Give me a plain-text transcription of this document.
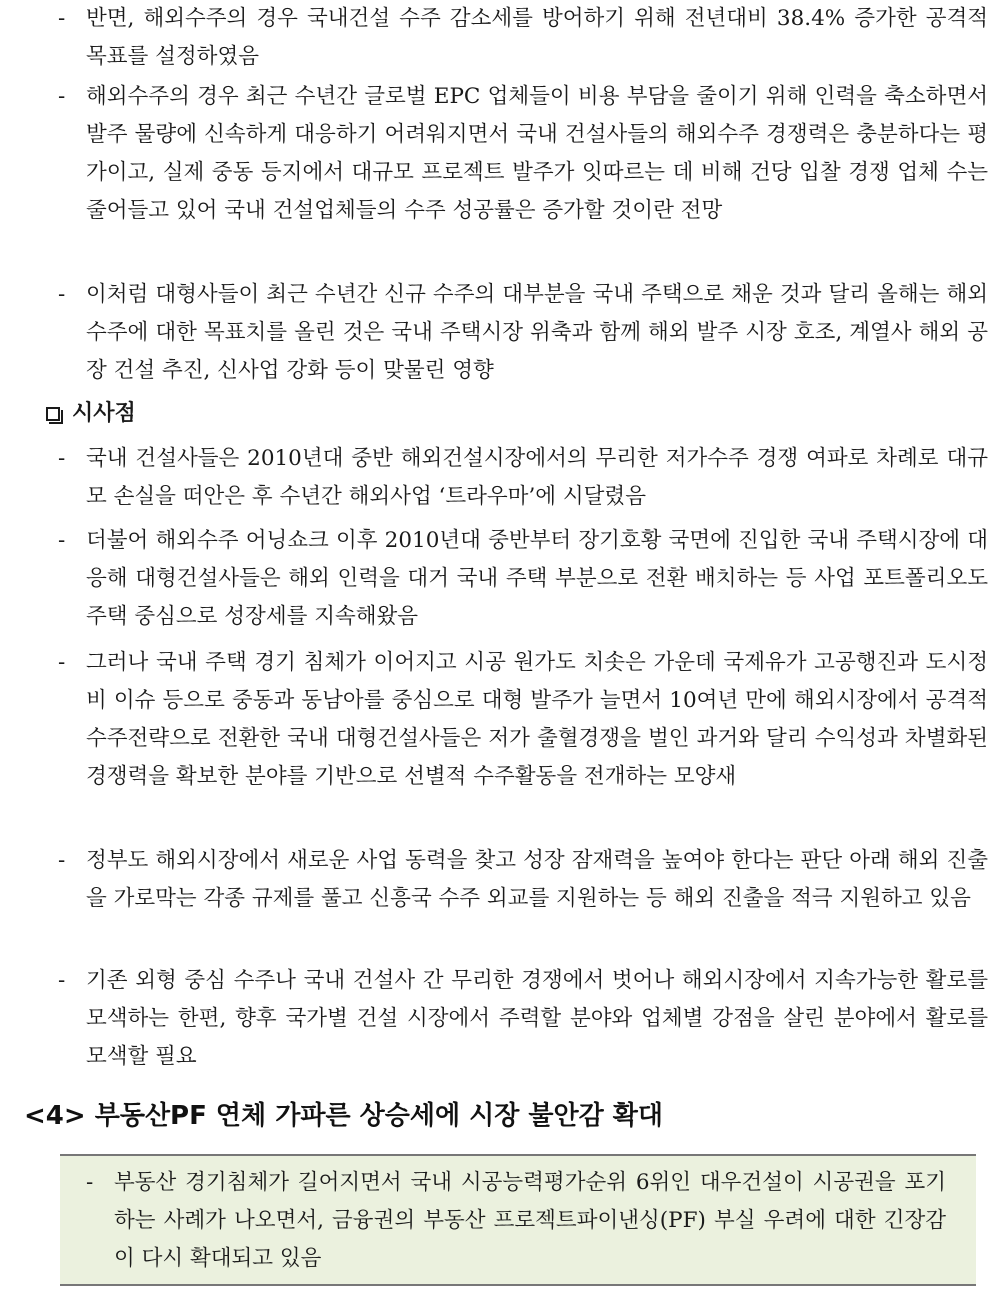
- 반면, 해외수주의 경우 국내건설 수주 감소세를 방어하기 위해 전년대비 38.4% 증가한 공격적 목표를 설정하였음
- 해외수주의 경우 최근 수년간 글로벌 EPC 업체들이 비용 부담을 줄이기 위해 인력을 축소하면서 발주 물량에 신속하게 대응하기 어려워지면서 국내 건설사들의 해외수주 경쟁력은 충분하다는 평가이고, 실제 중동 등지에서 대규모 프로젝트 발주가 잇따르는 데 비해 건당 입찰 경쟁 업체 수는 줄어들고 있어 국내 건설업체들의 수주 성공률은 증가할 것이란 전망
- 이처럼 대형사들이 최근 수년간 신규 수주의 대부분을 국내 주택으로 채운 것과 달리 올해는 해외 수주에 대한 목표치를 올린 것은 국내 주택시장 위축과 함께 해외 발주 시장 호조, 계열사 해외 공장 건설 추진, 신사업 강화 등이 맞물린 영향
시사점
- 국내 건설사들은 2010년대 중반 해외건설시장에서의 무리한 저가수주 경쟁 여파로 차례로 대규모 손실을 떠안은 후 수년간 해외사업 ‘트라우마’에 시달렸음
- 더불어 해외수주 어닝쇼크 이후 2010년대 중반부터 장기호황 국면에 진입한 국내 주택시장에 대응해 대형건설사들은 해외 인력을 대거 국내 주택 부분으로 전환 배치하는 등 사업 포트폴리오도 주택 중심으로 성장세를 지속해왔음
- 그러나 국내 주택 경기 침체가 이어지고 시공 원가도 치솟은 가운데 국제유가 고공행진과 도시정비 이슈 등으로 중동과 동남아를 중심으로 대형 발주가 늘면서 10여년 만에 해외시장에서 공격적 수주전략으로 전환한 국내 대형건설사들은 저가 출혈경쟁을 벌인 과거와 달리 수익성과 차별화된 경쟁력을 확보한 분야를 기반으로 선별적 수주활동을 전개하는 모양새
- 정부도 해외시장에서 새로운 사업 동력을 찾고 성장 잠재력을 높여야 한다는 판단 아래 해외 진출을 가로막는 각종 규제를 풀고 신흥국 수주 외교를 지원하는 등 해외 진출을 적극 지원하고 있음
- 기존 외형 중심 수주나 국내 건설사 간 무리한 경쟁에서 벗어나 해외시장에서 지속가능한 활로를 모색하는 한편, 향후 국가별 건설 시장에서 주력할 분야와 업체별 강점을 살린 분야에서 활로를 모색할 필요
<4> 부동산PF 연체 가파른 상승세에 시장 불안감 확대
- 부동산 경기침체가 길어지면서 국내 시공능력평가순위 6위인 대우건설이 시공권을 포기하는 사례가 나오면서, 금융권의 부동산 프로젝트파이낸싱(PF) 부실 우려에 대한 긴장감이 다시 확대되고 있음
